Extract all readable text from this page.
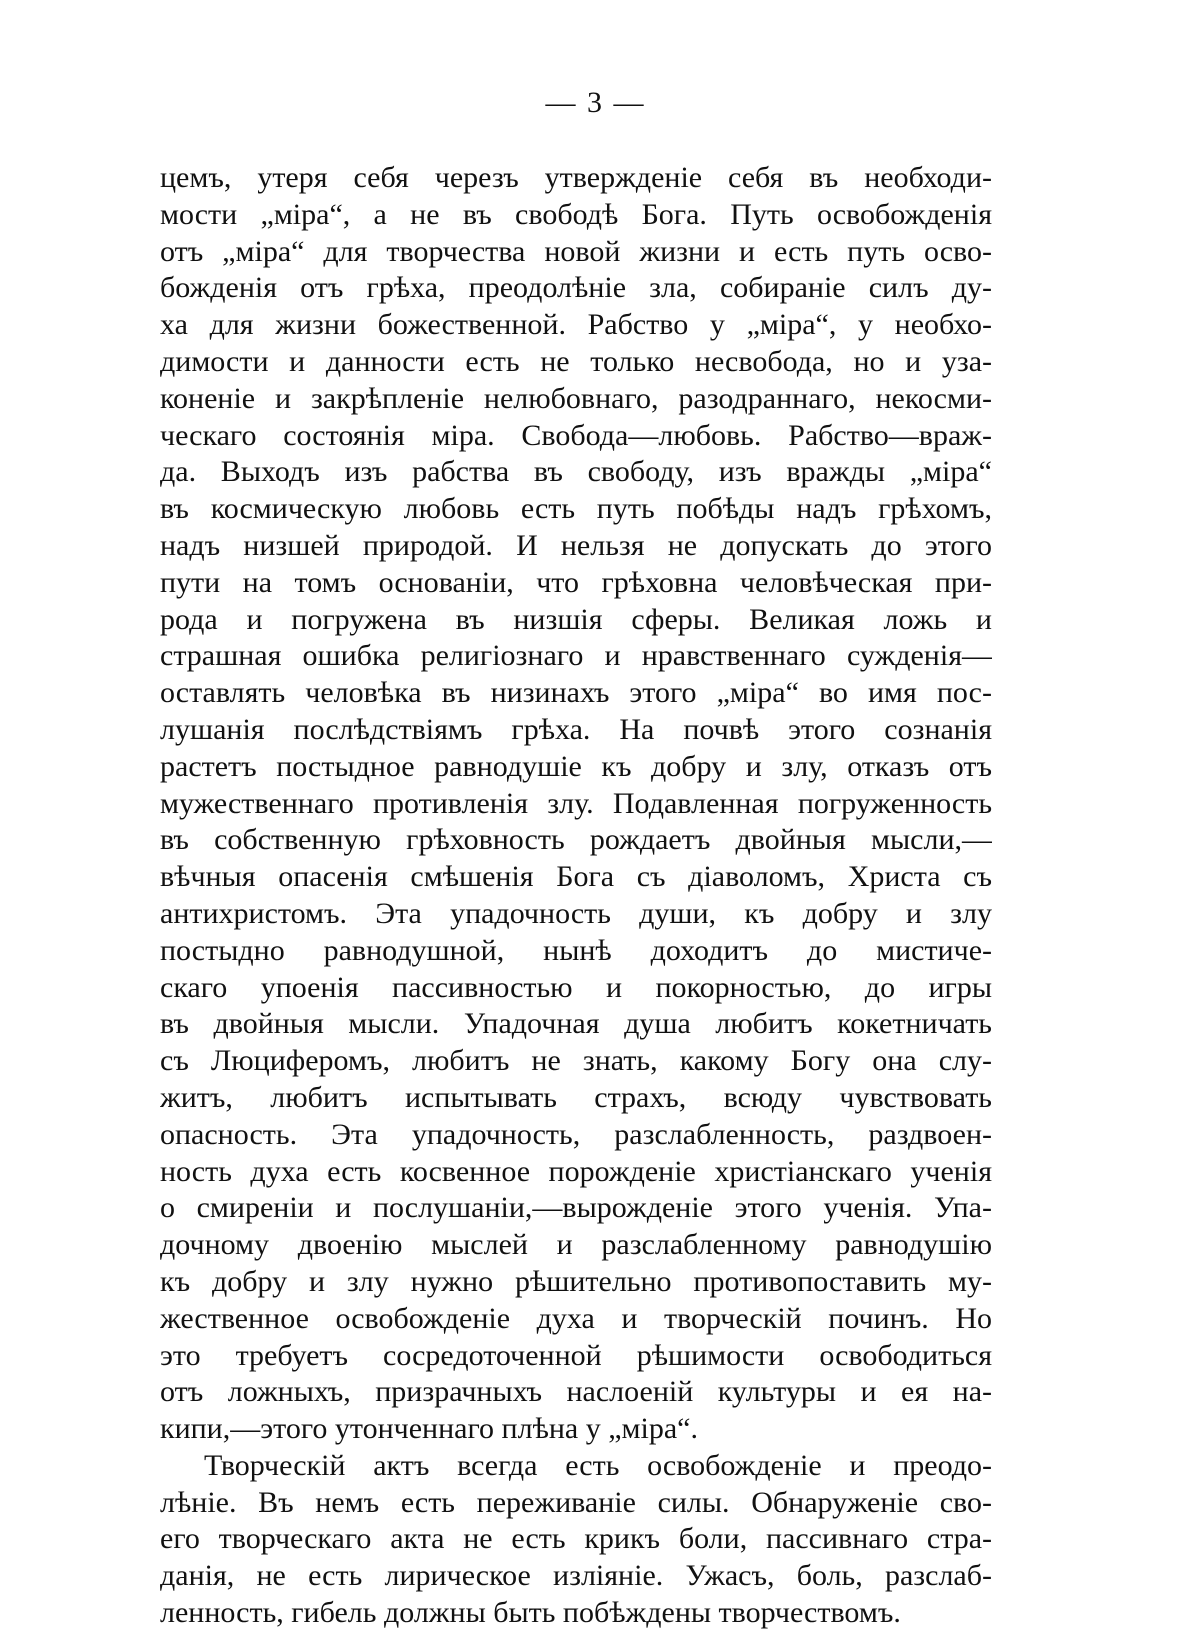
— 3 —
цемъ, утеря себя черезъ утвержденіе себя въ необходи-
мости „міра“, а не въ свободѣ Бога. Путь освобожденія
отъ „міра“ для творчества новой жизни и есть путь осво-
божденія отъ грѣха, преодолѣніе зла, собираніе силъ ду-
ха для жизни божественной. Рабство у „міра“, у необхо-
димости и данности есть не только несвобода, но и уза-
коненіе и закрѣпленіе нелюбовнаго, разодраннаго, некосми-
ческаго состоянія міра. Свобода—любовь. Рабство—враж-
да. Выходъ изъ рабства въ свободу, изъ вражды „міра“
въ космическую любовь есть путь побѣды надъ грѣхомъ,
надъ низшей природой. И нельзя не допускать до этого
пути на томъ основаніи, что грѣховна человѣческая при-
рода и погружена въ низшія сферы. Великая ложь и
страшная ошибка религіознаго и нравственнаго сужденія—
оставлять человѣка въ низинахъ этого „міра“ во имя пос-
лушанія послѣдствіямъ грѣха. На почвѣ этого сознанія
растетъ постыдное равнодушіе къ добру и злу, отказъ отъ
мужественнаго противленія злу. Подавленная погруженность
въ собственную грѣховность рождаетъ двойныя мысли,—
вѣчныя опасенія смѣшенія Бога съ діаволомъ, Христа съ
антихристомъ. Эта упадочность души, къ добру и злу
постыдно равнодушной, нынѣ доходитъ до мистиче-
скаго упоенія пассивностью и покорностью, до игры
въ двойныя мысли. Упадочная душа любитъ кокетничать
съ Люциферомъ, любитъ не знать, какому Богу она слу-
житъ, любитъ испытывать страхъ, всюду чувствовать
опасность. Эта упадочность, разслабленность, раздвоен-
ность духа есть косвенное порожденіе христіанскаго ученія
о смиреніи и послушаніи,—вырожденіе этого ученія. Упа-
дочному двоенію мыслей и разслабленному равнодушію
къ добру и злу нужно рѣшительно противопоставить му-
жественное освобожденіе духа и творческій починъ. Но
это требуетъ сосредоточенной рѣшимости освободиться
отъ ложныхъ, призрачныхъ наслоеній культуры и ея на-
кипи,—этого утонченнаго плѣна у „міра“.
Творческій актъ всегда есть освобожденіе и преодо-
лѣніе. Въ немъ есть переживаніе силы. Обнаруженіе сво-
его творческаго акта не есть крикъ боли, пассивнаго стра-
данія, не есть лирическое изліяніе. Ужасъ, боль, разслаб-
ленность, гибель должны быть побѣждены творчествомъ.
